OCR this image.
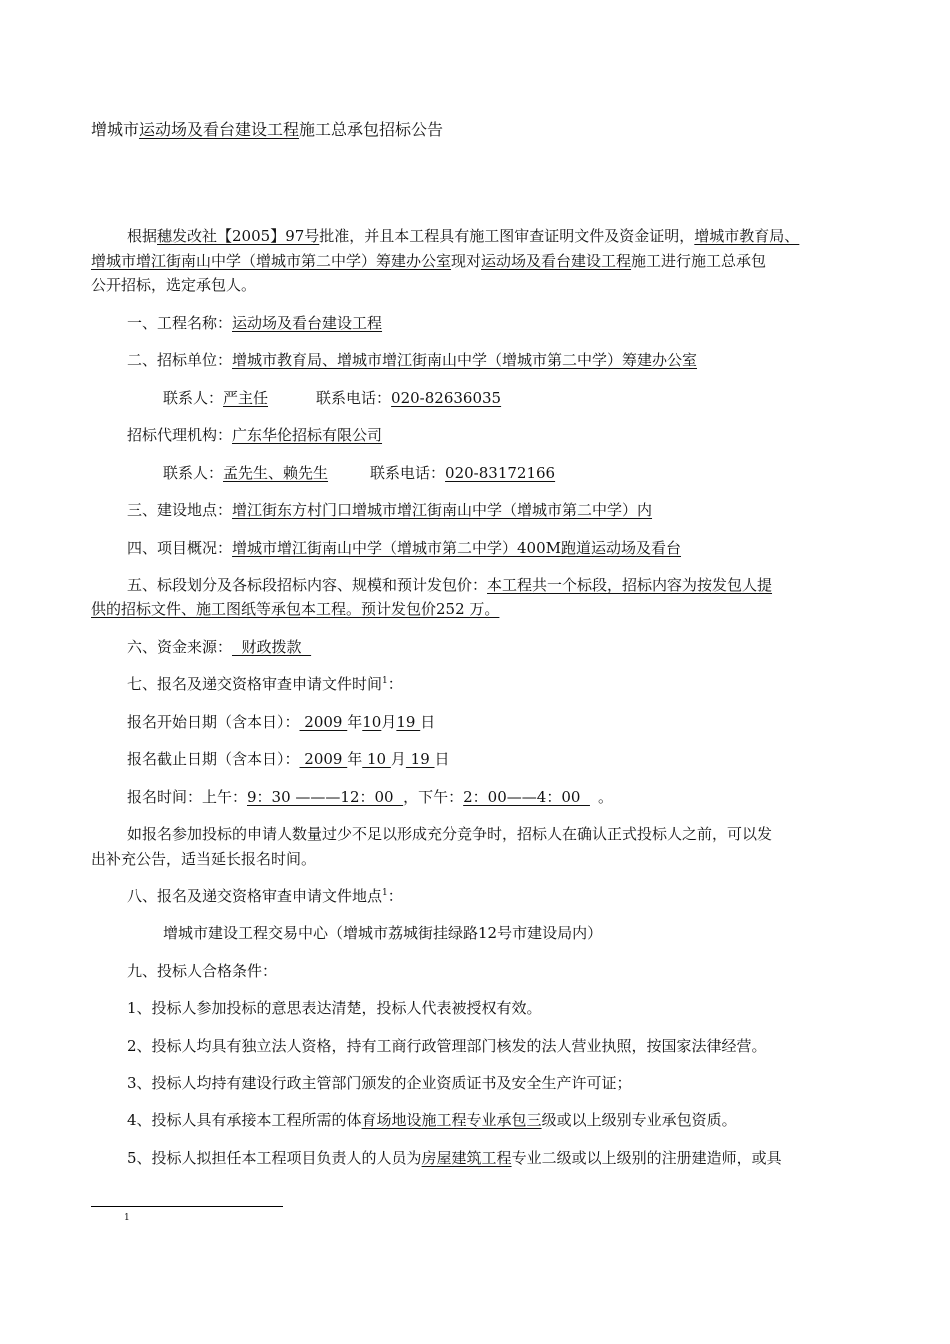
增城市运动场及看台建设工程施工总承包招标公告
根据穗发改社【2005】97号批准，并且本工程具有施工图审查证明文件及资金证明，增城市教育局、
增城市增江街南山中学（增城市第二中学）筹建办公室现对运动场及看台建设工程施工进行施工总承包
公开招标，选定承包人。
一、工程名称：运动场及看台建设工程
二、招标单位：增城市教育局、增城市增江街南山中学（增城市第二中学）筹建办公室
联系人：严主任	联系电话：020-82636035
招标代理机构：广东华伦招标有限公司
联系人：孟先生、赖先生	联系电话：020-83172166
三、建设地点：增江街东方村门口增城市增江街南山中学（增城市第二中学）内
四、项目概况：增城市增江街南山中学（增城市第二中学）400M跑道运动场及看台
五、标段划分及各标段招标内容、规模和预计发包价：本工程共一个标段，招标内容为按发包人提
供的招标文件、施工图纸等承包本工程。预计发包价252 万。
六、资金来源：  财政拨款
七、报名及递交资格审查申请文件时间$^1$：
报名开始日期（含本日）： 2009 年10月19 日
报名截止日期（含本日）： 2009 年 10 月 19 日
报名时间：上午：9：30 ———12：00  ，下午：2：00——4：00  。
如报名参加投标的申请人数量过少不足以形成充分竞争时，招标人在确认正式投标人之前，可以发
出补充公告，适当延长报名时间。
八、报名及递交资格审查申请文件地点$^1$：
增城市建设工程交易中心（增城市荔城街挂绿路12号市建设局内）
九、投标人合格条件：
1、投标人参加投标的意思表达清楚，投标人代表被授权有效。
2、投标人均具有独立法人资格，持有工商行政管理部门核发的法人营业执照，按国家法律经营。
3、投标人均持有建设行政主管部门颁发的企业资质证书及安全生产许可证；
4、投标人具有承接本工程所需的体育场地设施工程专业承包三级或以上级别专业承包资质。
5、投标人拟担任本工程项目负责人的人员为房屋建筑工程专业二级或以上级别的注册建造师，或具
1
